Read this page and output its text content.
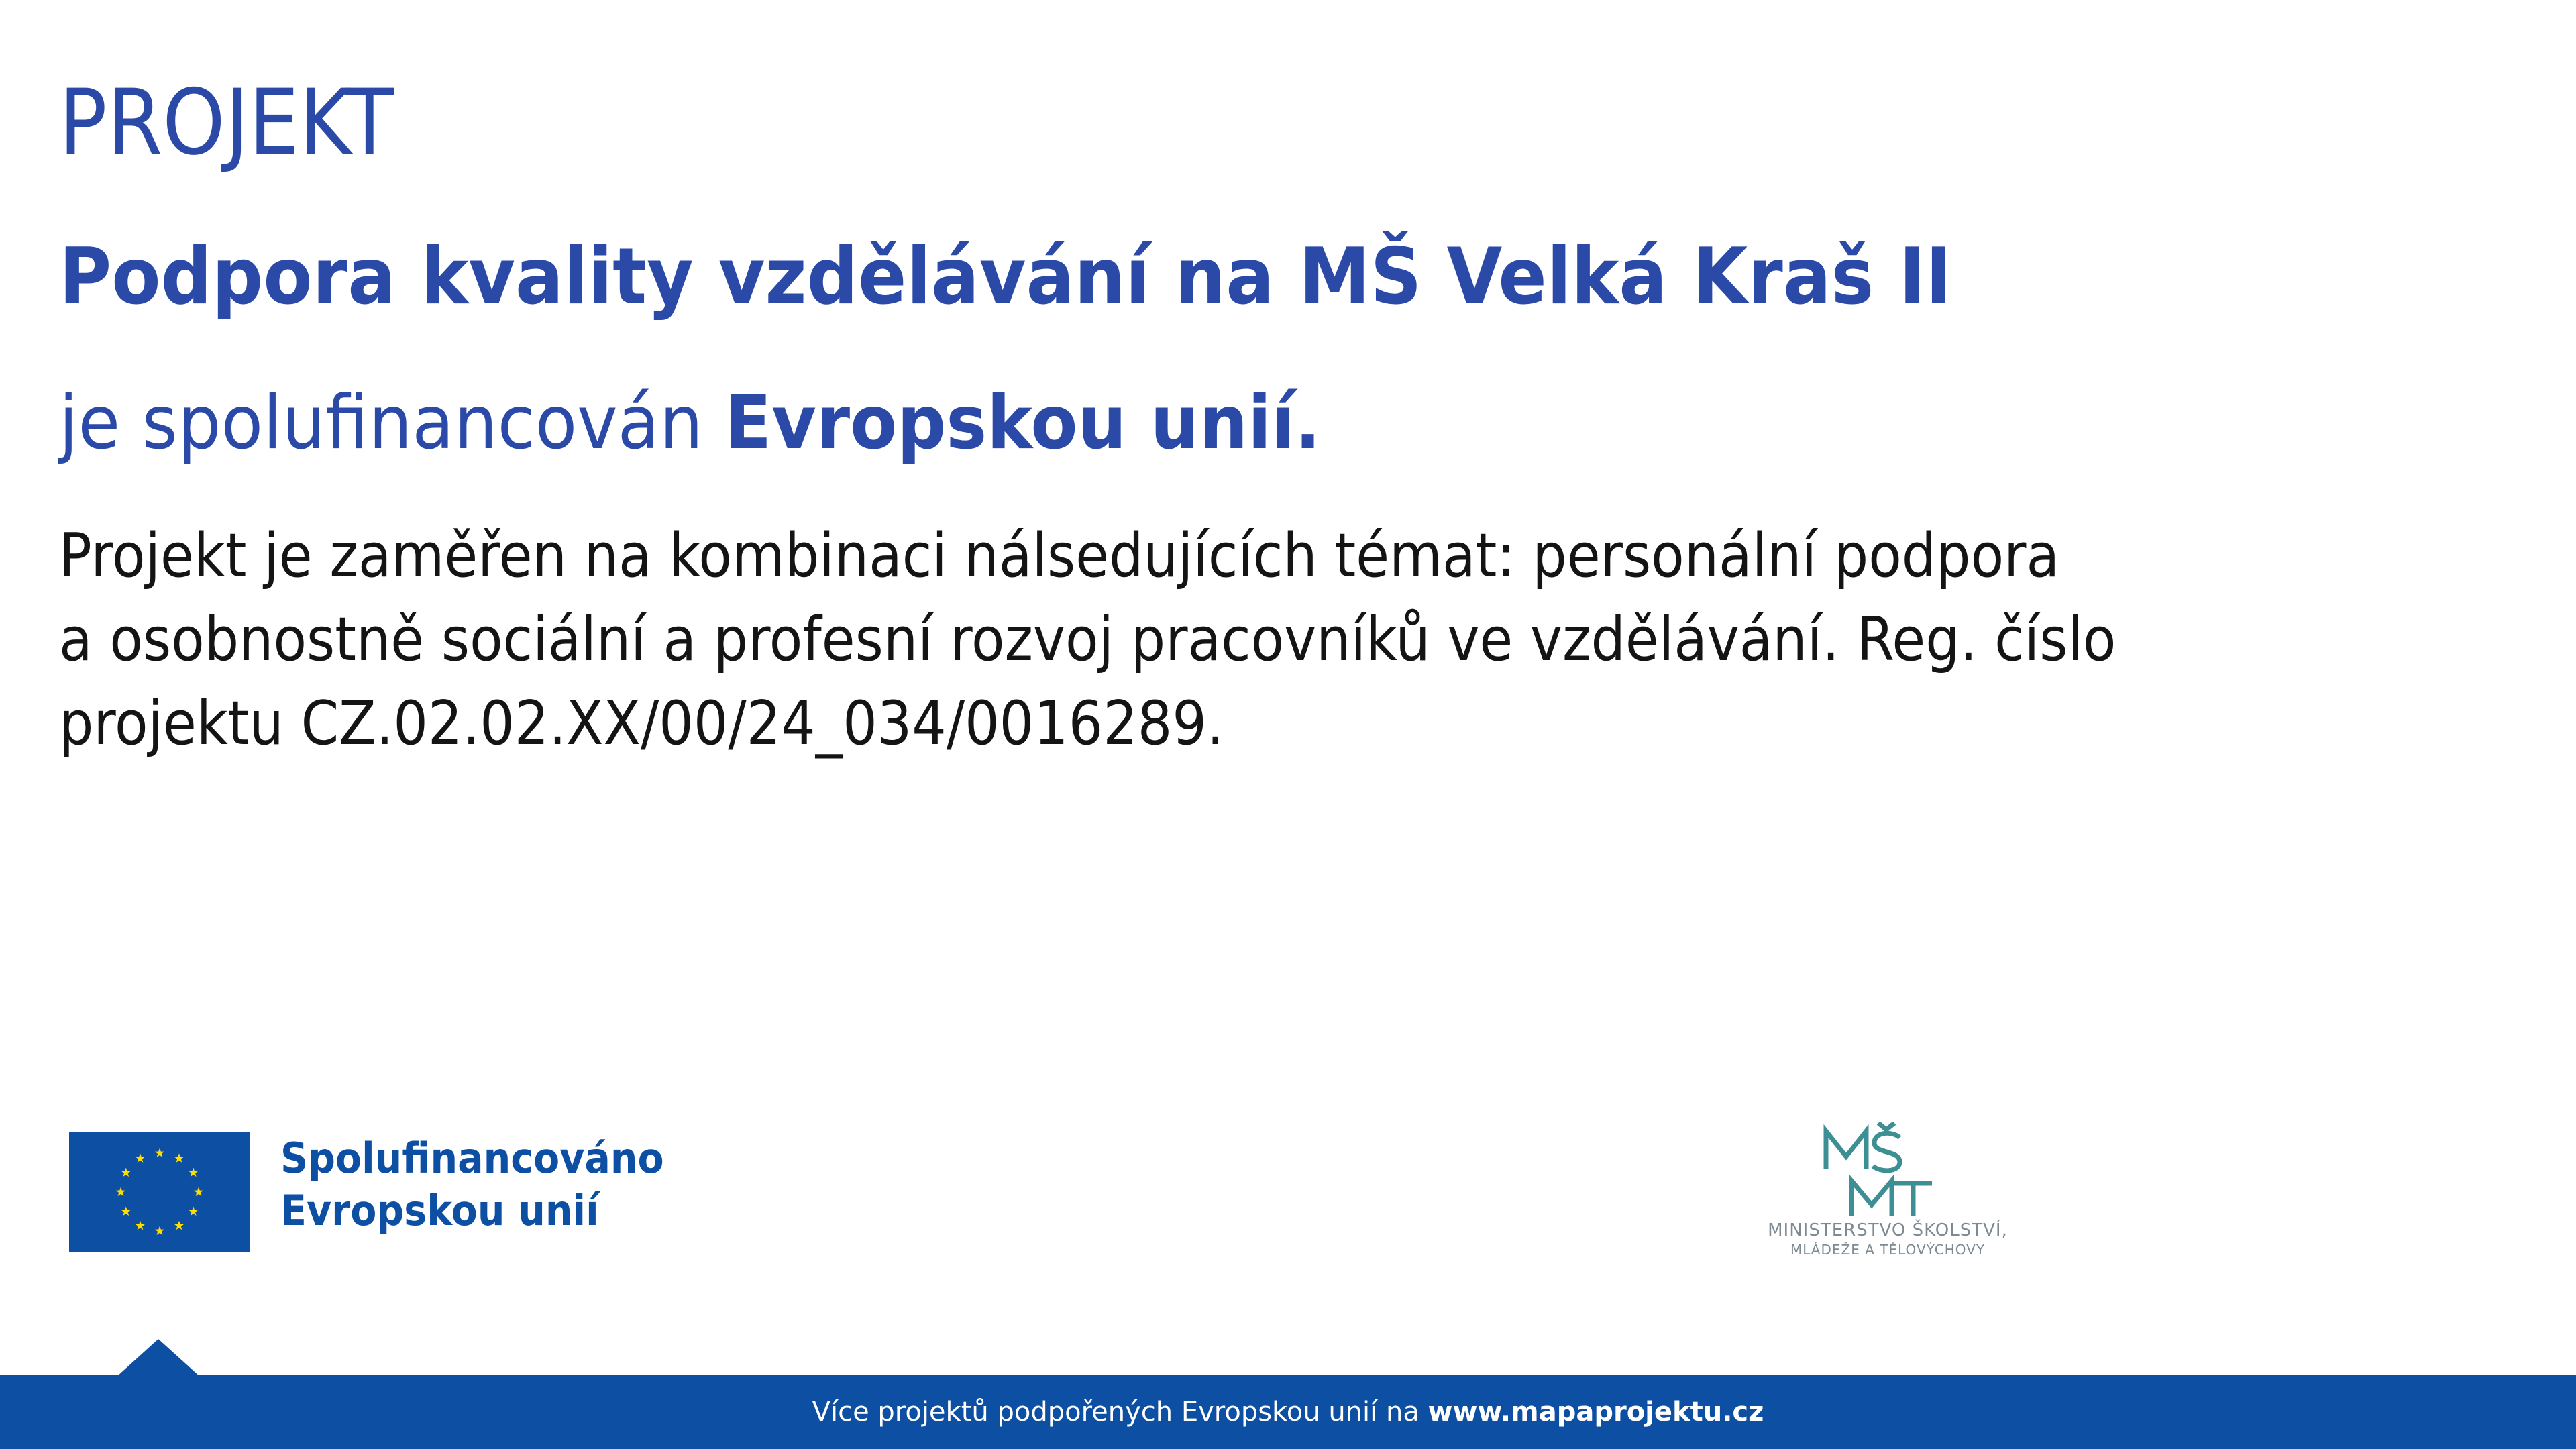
PROJEKT
Podpora kvality vzdělávání na MŠ Velká Kraš II
je spolufinancován Evropskou unií.
Projekt je zaměřen na kombinaci nálsedujících témat: personální podpora
a osobnostně sociální a profesní rozvoj pracovníků ve vzdělávání. Reg. číslo
projektu CZ.02.02.XX/00/24_034/0016289.
Spolufinancováno
Evropskou unií	MINISTERSTVO ŠKOLSTVÍ,
MLÁDEŽE A TĚLOVÝCHOVY
Více projektů podpořených Evropskou unií na www.mapaprojektu.cz
